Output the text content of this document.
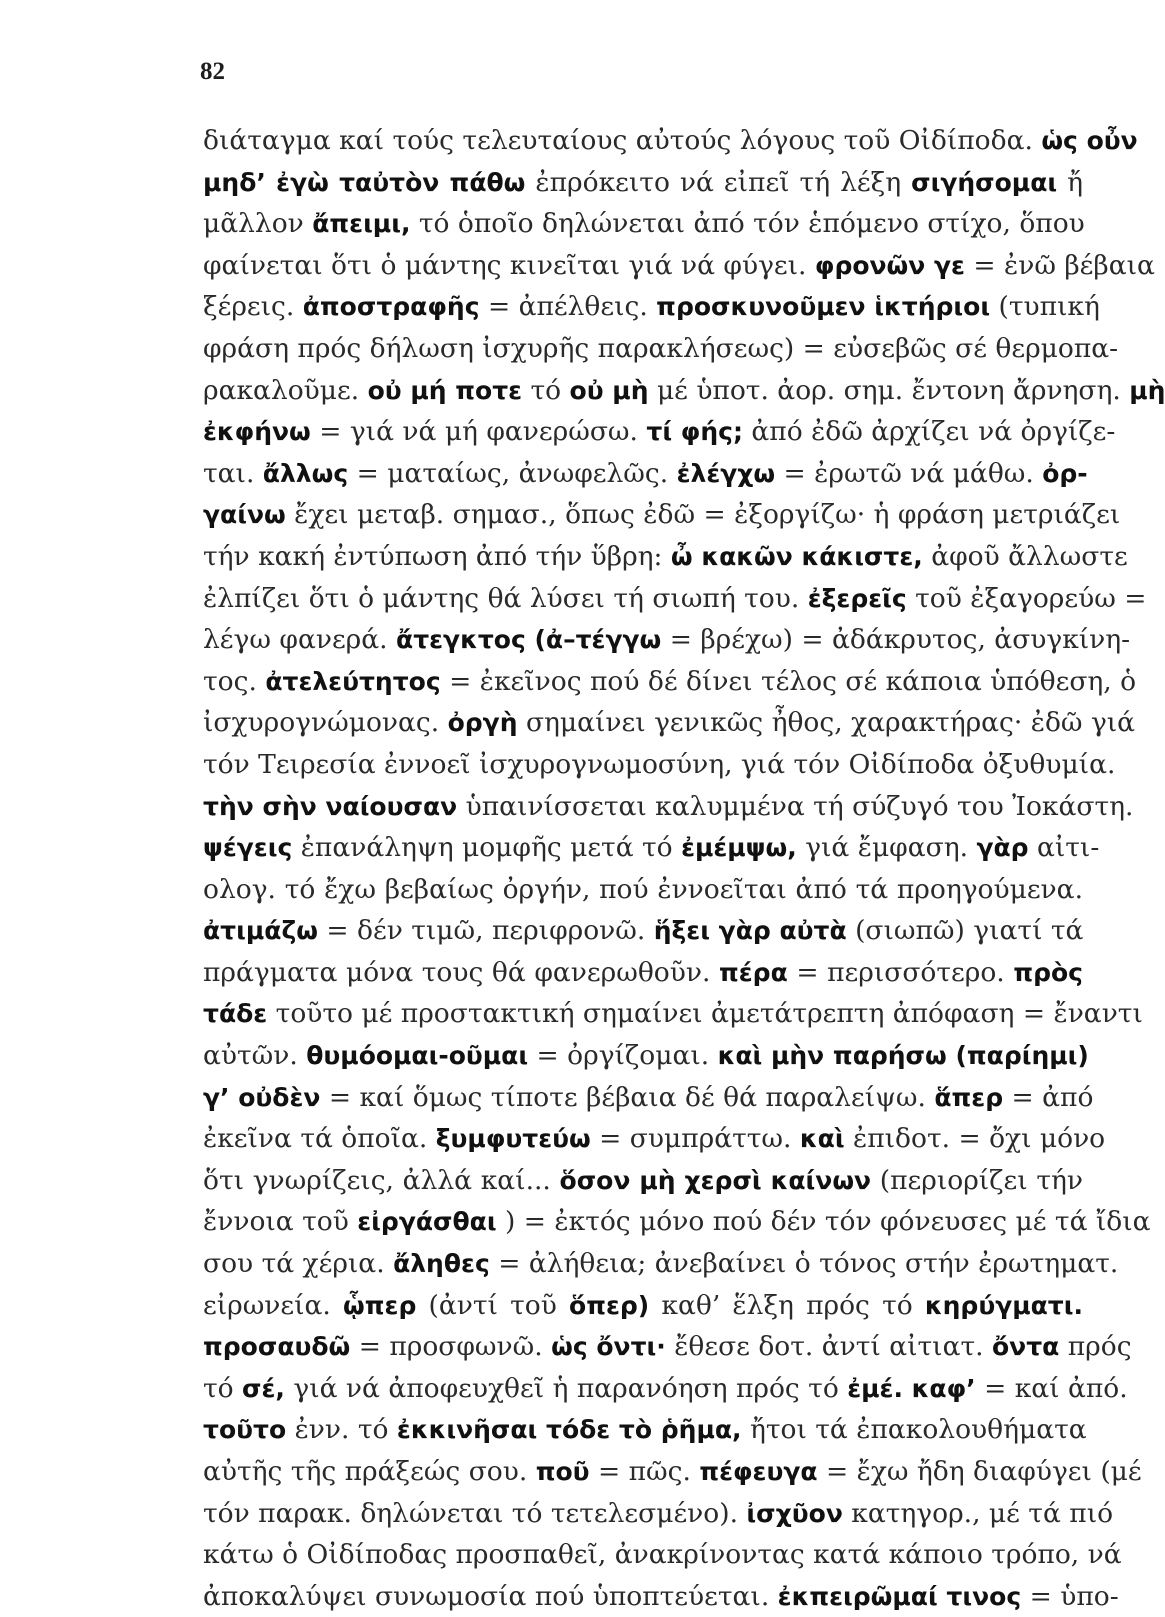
82
διάταγμα καί τούς τελευταίους αὐτούς λόγους τοῦ Οἰδίποδα. ὡς οὖν
μηδ’ ἐγὼ ταὐτὸν πάθω ἐπρόκειτο νά εἰπεῖ τή λέξη σιγήσομαι ἤ
μᾶλλον ἄπειμι, τό ὁποῖο δηλώνεται ἀπό τόν ἑπόμενο στίχο, ὅπου
φαίνεται ὅτι ὁ μάντης κινεῖται γιά νά φύγει. φρονῶν γε = ἐνῶ βέβαια
ξέρεις. ἀποστραφῆς = ἀπέλθεις. προσκυνοῦμεν ἱκτήριοι (τυπική
φράση πρός δήλωση ἰσχυρῆς παρακλήσεως) = εὐσεβῶς σέ θερμοπα-
ρακαλοῦμε. οὐ μή ποτε τό οὐ μὴ μέ ὑποτ. ἀορ. σημ. ἔντονη ἄρνηση. μὴ
ἐκφήνω = γιά νά μή φανερώσω. τί φής; ἀπό ἐδῶ ἀρχίζει νά ὀργίζε-
ται. ἄλλως = ματαίως, ἀνωφελῶς. ἐλέγχω = ἐρωτῶ νά μάθω. ὀρ-
γαίνω ἔχει μεταβ. σημασ., ὅπως ἐδῶ = ἐξοργίζω· ἡ φράση μετριάζει
τήν κακή ἐντύπωση ἀπό τήν ὕβρη: ὦ κακῶν κάκιστε, ἀφοῦ ἄλλωστε
ἐλπίζει ὅτι ὁ μάντης θά λύσει τή σιωπή του. ἐξερεῖς τοῦ ἐξαγορεύω =
λέγω φανερά. ἄτεγκτος (ἀ–τέγγω = βρέχω) = ἀδάκρυτος, ἀσυγκίνη-
τος. ἀτελεύτητος = ἐκεῖνος πού δέ δίνει τέλος σέ κάποια ὑπόθεση, ὁ
ἰσχυρογνώμονας. ὀργὴ σημαίνει γενικῶς ἦθος, χαρακτήρας· ἐδῶ γιά
τόν Τειρεσία ἐννοεῖ ἰσχυρογνωμοσύνη, γιά τόν Οἰδίποδα ὀξυθυμία.
τὴν σὴν ναίουσαν ὑπαινίσσεται καλυμμένα τή σύζυγό του Ἰοκάστη.
ψέγεις ἐπανάληψη μομφῆς μετά τό ἐμέμψω, γιά ἔμφαση. γὰρ αἰτι-
ολογ. τό ἔχω βεβαίως ὀργήν, πού ἐννοεῖται ἀπό τά προηγούμενα.
ἀτιμάζω = δέν τιμῶ, περιφρονῶ. ἥξει γὰρ αὐτὰ (σιωπῶ) γιατί τά
πράγματα μόνα τους θά φανερωθοῦν. πέρα = περισσότερο. πρὸς
τάδε τοῦτο μέ προστακτική σημαίνει ἀμετάτρεπτη ἀπόφαση = ἔναντι
αὐτῶν. θυμόομαι-οῦμαι = ὀργίζομαι. καὶ μὴν παρήσω (παρίημι)
γ’ οὐδὲν = καί ὅμως τίποτε βέβαια δέ θά παραλείψω. ἅπερ = ἀπό
ἐκεῖνα τά ὁποῖα. ξυμφυτεύω = συμπράττω. καὶ ἐπιδοτ. = ὄχι μόνο
ὅτι γνωρίζεις, ἀλλά καί... ὅσον μὴ χερσὶ καίνων (περιορίζει τήν
ἔννοια τοῦ εἰργάσθαι ) = ἐκτός μόνο πού δέν τόν φόνευσες μέ τά ἴδια
σου τά χέρια. ἄληθες = ἀλήθεια; ἀνεβαίνει ὁ τόνος στήν ἐρωτηματ.
εἰρωνεία. ᾧπερ (ἀντί τοῦ ὅπερ) καθ’ ἕλξη πρός τό κηρύγματι.
προσαυδῶ = προσφωνῶ. ὡς ὄντι· ἔθεσε δοτ. ἀντί αἰτιατ. ὄντα πρός
τό σέ, γιά νά ἀποφευχθεῖ ἡ παρανόηση πρός τό ἐμέ. καφ’ = καί ἀπό.
τοῦτο ἐνν. τό ἐκκινῆσαι τόδε τὸ ῥῆμα, ἤτοι τά ἐπακολουθήματα
αὐτῆς τῆς πράξεώς σου. ποῦ = πῶς. πέφευγα = ἔχω ἤδη διαφύγει (μέ
τόν παρακ. δηλώνεται τό τετελεσμένο). ἰσχῦον κατηγορ., μέ τά πιό
κάτω ὁ Οἰδίποδας προσπαθεῖ, ἀνακρίνοντας κατά κάποιο τρόπο, νά
ἀποκαλύψει συνωμοσία πού ὑποπτεύεται. ἐκπειρῶμαί τινος = ὑπο-
